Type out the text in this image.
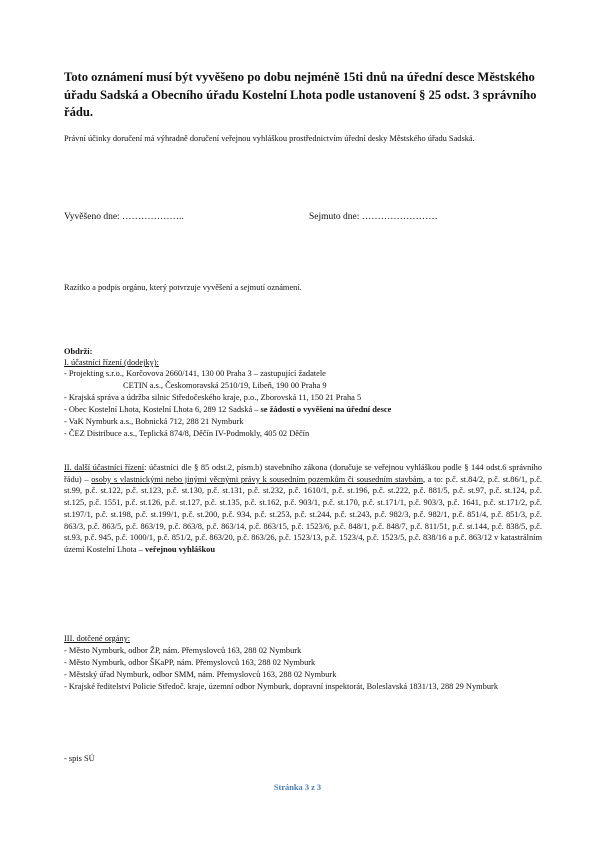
Toto oznámení musí být vyvěšeno po dobu nejméně 15ti dnů na úřední desce Městského úřadu Sadská a Obecního úřadu Kostelní Lhota podle ustanovení § 25 odst. 3 správního řádu.
Právní účinky doručení má výhradně doručení veřejnou vyhláškou prostřednictvím úřední desky Městského úřadu Sadská.
Vyvěšeno dne: ………………..	Sejmuto dne: ……………………
Razítko a podpis orgánu, který potvrzuje vyvěšení a sejmutí oznámení.
Obdrží:
I. účastníci řízení (dodejky):
- Projekting s.r.o., Korčovova 2660/141, 130 00 Praha 3 – zastupující žadatele
CETIN a.s., Českomoravská 2510/19, Libeň, 190 00 Praha 9
- Krajská správa a údržba silnic Středočeského kraje, p.o., Zborovská 11, 150 21 Praha 5
- Obec Kostelní Lhota, Kostelní Lhota 6, 289 12 Sadská – se žádostí o vyvěšení na úřední desce
- VaK Nymburk a.s., Bobnická 712, 288 21 Nymburk
- ČEZ Distribuce a.s., Teplická 874/8, Děčín IV-Podmokly, 405 02 Děčín
II. další účastníci řízení: účastníci dle § 85 odst.2, písm.b) stavebního zákona (doručuje se veřejnou vyhláškou podle § 144 odst.6 správního řádu) – osoby s vlastnickými nebo jinými věcnými právy k sousedním pozemkům či sousedním stavbám, a to: p.č. st.84/2, p.č. st.86/1, p.č. st.99, p.č. st.122, p.č. st.123, p.č. st.130, p.č. st.131, p.č. st.232, p.č. 1610/1, p.č. st.196, p.č. st.222, p.č. 881/5, p.č. st.97, p.č. st.124, p.č. st.125, p.č. 1551, p.č. st.126, p.č. st.127, p.č. st.135, p.č. st.162, p.č. 903/1, p.č. st.170, p.č. st.171/1, p.č. 903/3, p.č. 1641, p.č. st.171/2, p.č. st.197/1, p.č. st.198, p.č. st.199/1, p.č. st.200, p.č. 934, p.č. st.253, p.č. st.244, p.č. st.243, p.č. 982/3, p.č. 982/1, p.č. 851/4, p.č. 851/3, p.č. 863/3, p.č. 863/5, p.č. 863/19, p.č. 863/8, p.č. 863/14, p.č. 863/15, p.č. 1523/6, p.č. 848/1, p.č. 848/7, p.č. 811/51, p.č. st.144, p.č. 838/5, p.č. st.93, p.č. 945, p.č. 1000/1, p.č. 851/2, p.č. 863/20, p.č. 863/26, p.č. 1523/13, p.č. 1523/4, p.č. 1523/5, p.č. 838/16 a p.č. 863/12 v katastrálním území Kostelní Lhota – veřejnou vyhláškou
III. dotčené orgány:
- Město Nymburk, odbor ŽP, nám. Přemyslovců 163, 288 02 Nymburk
- Město Nymburk, odbor ŠKaPP, nám. Přemyslovců 163, 288 02 Nymburk
- Městský úřad Nymburk, odbor SMM, nám. Přemyslovců 163, 288 02 Nymburk
- Krajské ředitelství Policie Středoč. kraje, územní odbor Nymburk, dopravní inspektorát, Boleslavská 1831/13, 288 29 Nymburk
- spis SÚ
Stránka 3 z 3
